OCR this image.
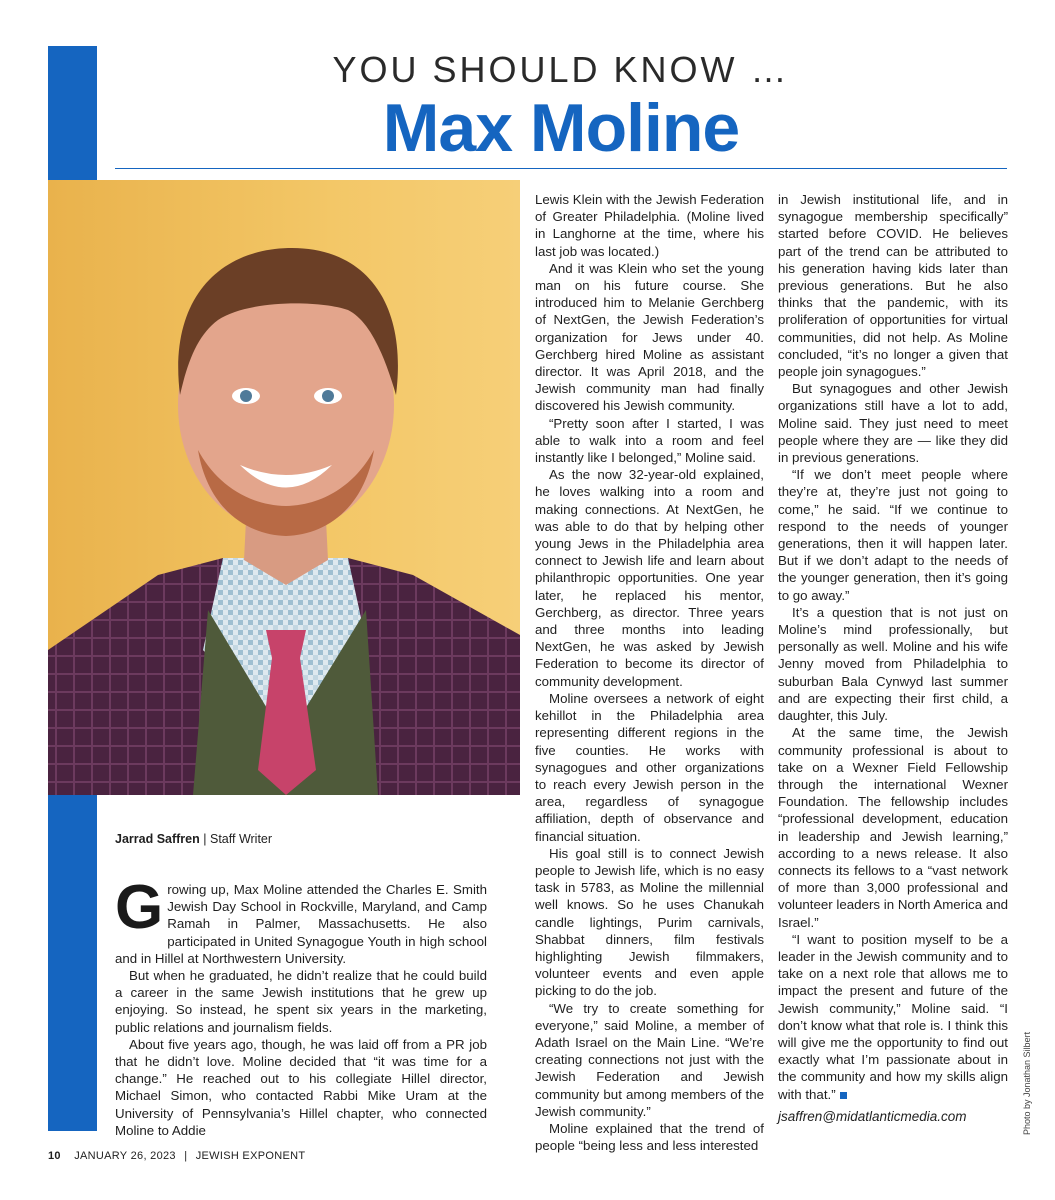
YOU SHOULD KNOW …
Max Moline
Jarrad Saffren | Staff Writer

Growing up, Max Moline attended the Charles E. Smith Jewish Day School in Rockville, Maryland, and Camp Ramah in Palmer, Massachusetts. He also participated in United Synagogue Youth in high school and in Hillel at Northwestern University.

But when he graduated, he didn’t realize that he could build a career in the same Jewish institutions that he grew up enjoying. So instead, he spent six years in the marketing, public relations and journalism fields.

About five years ago, though, he was laid off from a PR job that he didn’t love. Moline decided that “it was time for a change.” He reached out to his collegiate Hillel director, Michael Simon, who contacted Rabbi Mike Uram at the University of Pennsylvania’s Hillel chapter, who connected Moline to Addie

Lewis Klein with the Jewish Federation of Greater Philadelphia. (Moline lived in Langhorne at the time, where his last job was located.)

And it was Klein who set the young man on his future course. She introduced him to Melanie Gerchberg of NextGen, the Jewish Federation’s organization for Jews under 40. Gerchberg hired Moline as assistant director. It was April 2018, and the Jewish community man had finally discovered his Jewish community.

“Pretty soon after I started, I was able to walk into a room and feel instantly like I belonged,” Moline said.

As the now 32-year-old explained, he loves walking into a room and making connections. At NextGen, he was able to do that by helping other young Jews in the Philadelphia area connect to Jewish life and learn about philanthropic opportunities. One year later, he replaced his mentor, Gerchberg, as director. Three years and three months into leading NextGen, he was asked by Jewish Federation to become its director of community development.

Moline oversees a network of eight kehillot in the Philadelphia area representing different regions in the five counties. He works with synagogues and other organizations to reach every Jewish person in the area, regardless of synagogue affiliation, depth of observance and financial situation.

His goal still is to connect Jewish people to Jewish life, which is no easy task in 5783, as Moline the millennial well knows. So he uses Chanukah candle lightings, Purim carnivals, Shabbat dinners, film festivals highlighting Jewish filmmakers, volunteer events and even apple picking to do the job.

“We try to create something for everyone,” said Moline, a member of Adath Israel on the Main Line. “We’re creating connections not just with the Jewish Federation and Jewish community but among members of the Jewish community.”

Moline explained that the trend of people “being less and less interested

in Jewish institutional life, and in synagogue membership specifically” started before COVID. He believes part of the trend can be attributed to his generation having kids later than previous generations. But he also thinks that the pandemic, with its proliferation of opportunities for virtual communities, did not help. As Moline concluded, “it’s no longer a given that people join synagogues.”

But synagogues and other Jewish organizations still have a lot to add, Moline said. They just need to meet people where they are — like they did in previous generations.

“If we don’t meet people where they’re at, they’re just not going to come,” he said. “If we continue to respond to the needs of younger generations, then it will happen later. But if we don’t adapt to the needs of the younger generation, then it’s going to go away.”

It’s a question that is not just on Moline’s mind professionally, but personally as well. Moline and his wife Jenny moved from Philadelphia to suburban Bala Cynwyd last summer and are expecting their first child, a daughter, this July.

At the same time, the Jewish community professional is about to take on a Wexner Field Fellowship through the international Wexner Foundation. The fellowship includes “professional development, education in leadership and Jewish learning,” according to a news release. It also connects its fellows to a “vast network of more than 3,000 professional and volunteer leaders in North America and Israel.”

“I want to position myself to be a leader in the Jewish community and to take on a next role that allows me to impact the present and future of the Jewish community,” Moline said. “I don’t know what that role is. I think this will give me the opportunity to find out exactly what I’m passionate about in the community and how my skills align with that.”

jsaffren@midatlanticmedia.com
10 JANUARY 26, 2023 | JEWISH EXPONENT
Photo by Jonathan Silbert
